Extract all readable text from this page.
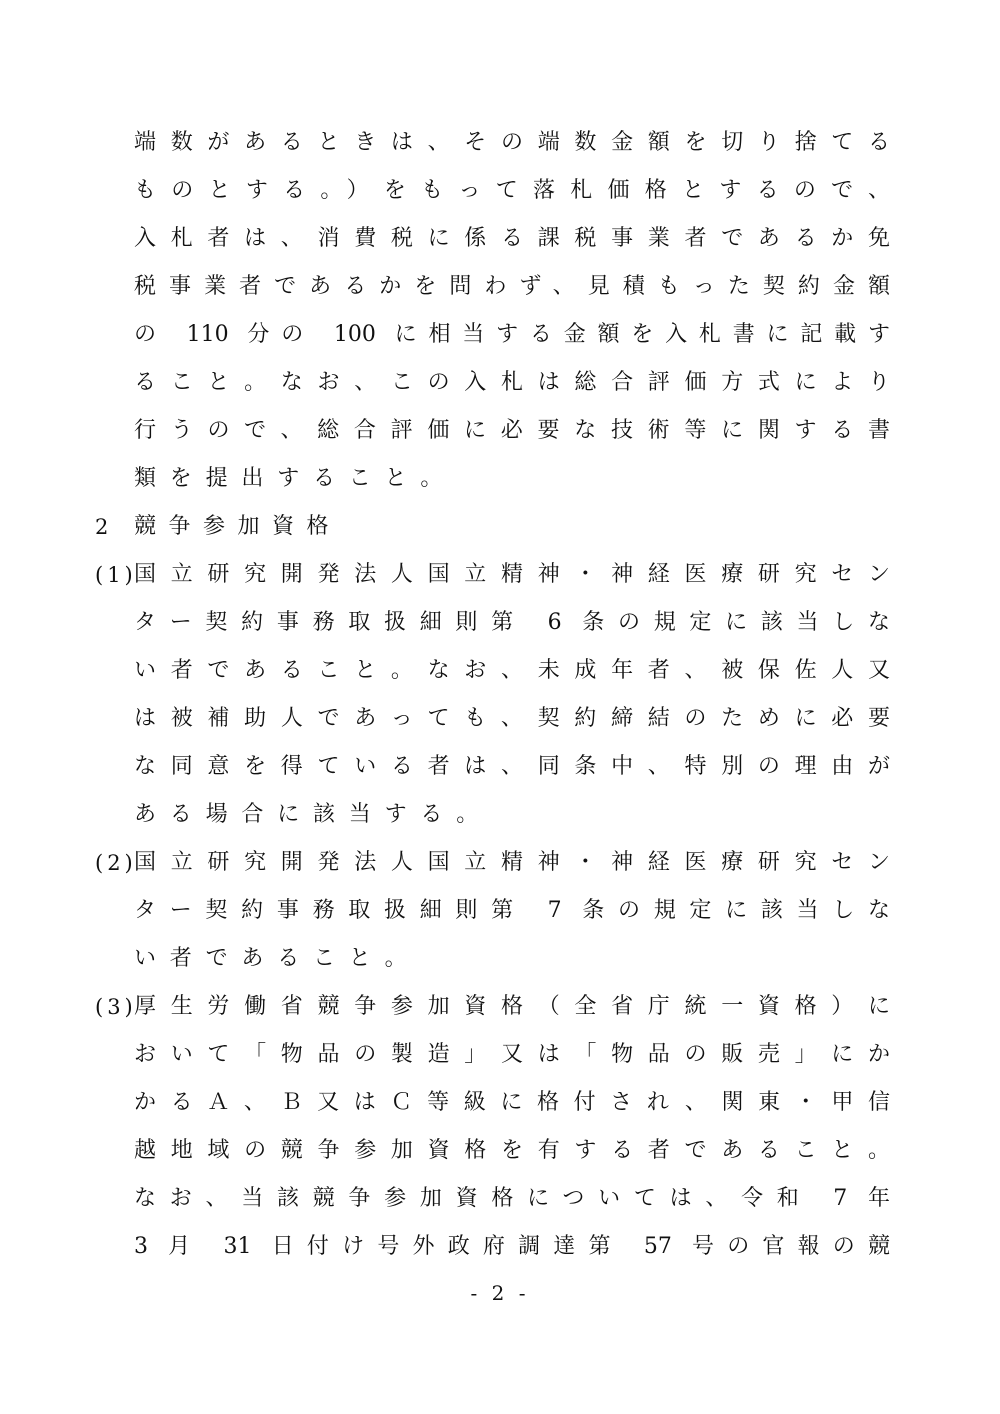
端数があるときは、その端数金額を切り捨てる
ものとする。）をもって落札価格とするので、
入札者は、消費税に係る課税事業者であるか免
税事業者であるかを問わず、見積もった契約金額
の 110 分の 100 に相当する金額を入札書に記載す
ること。なお、この入札は総合評価方式により
行うので、総合評価に必要な技術等に関する書
類を提出すること。
2 競争参加資格
(1)
国立研究開発法人国立精神・神経医療研究セン
ター契約事務取扱細則第 6 条の規定に該当しな
い者であること。なお、未成年者、被保佐人又
は被補助人であっても、契約締結のために必要
な同意を得ている者は、同条中、特別の理由が
ある場合に該当する。
(2)
国立研究開発法人国立精神・神経医療研究セン
ター契約事務取扱細則第 7 条の規定に該当しな
い者であること。
(3)
厚生労働省競争参加資格（全省庁統一資格）に
おいて「物品の製造」又は「物品の販売」にか
かるＡ、Ｂ又はＣ等級に格付され、関東・甲信
越地域の競争参加資格を有する者であること。
なお、当該競争参加資格については、令和 7 年
3 月 31 日付け号外政府調達第 57 号の官報の競
- 2 -
